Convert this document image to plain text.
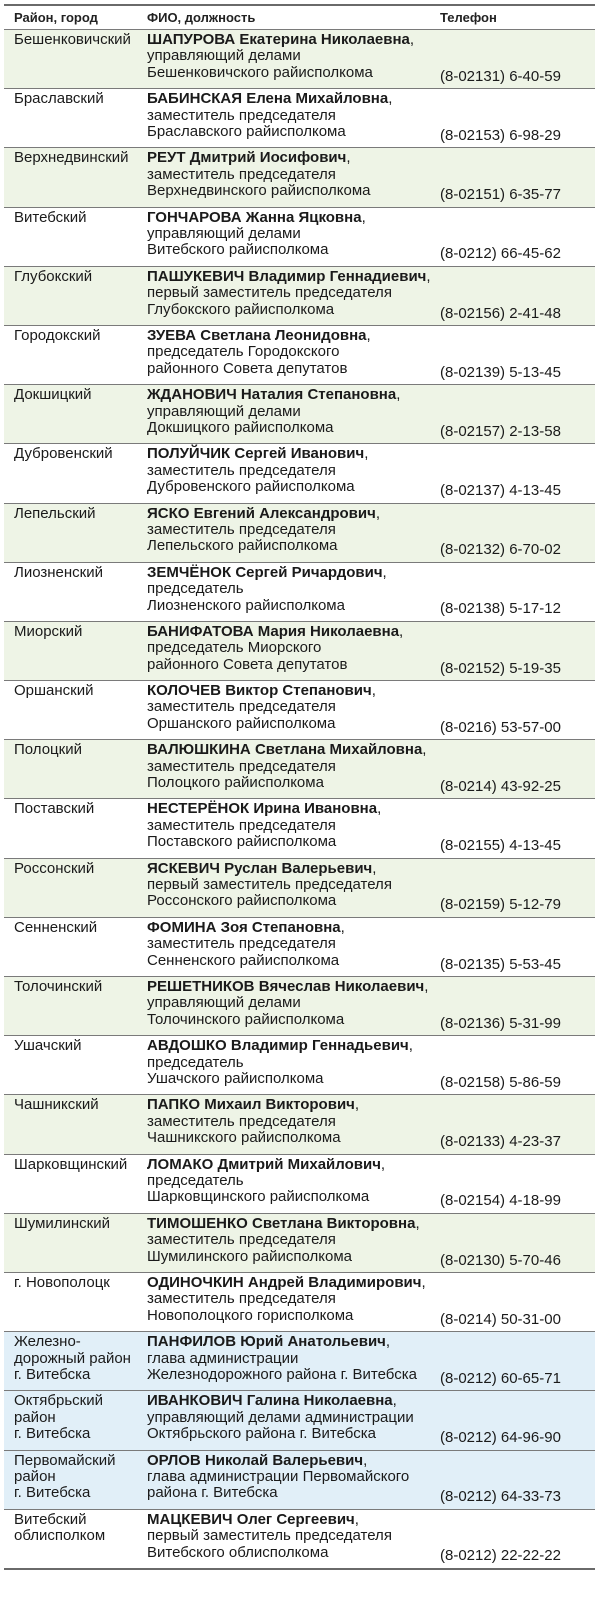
Район, город	ФИО, должность	Телефон
Бешенковичский	ШАПУРОВА Екатерина Николаевна,
управляющий делами
Бешенковичского райисполкома	(8-02131) 6-40-59
Браславский	БАБИНСКАЯ Елена Михайловна,
заместитель председателя
Браславского райисполкома	(8-02153) 6-98-29
Верхнедвинский	РЕУТ Дмитрий Иосифович,
заместитель председателя
Верхнедвинского райисполкома	(8-02151) 6-35-77
Витебский	ГОНЧАРОВА Жанна Яцковна,
управляющий делами
Витебского райисполкома	(8-0212) 66-45-62
Глубокский	ПАШУКЕВИЧ Владимир Геннадиевич,
первый заместитель председателя
Глубокского райисполкома	(8-02156) 2-41-48
Городокский	ЗУЕВА Светлана Леонидовна,
председатель Городокского
районного Совета депутатов	(8-02139) 5-13-45
Докшицкий	ЖДАНОВИЧ Наталия Степановна,
управляющий делами
Докшицкого райисполкома	(8-02157) 2-13-58
Дубровенский	ПОЛУЙЧИК Сергей Иванович,
заместитель председателя
Дубровенского райисполкома	(8-02137) 4-13-45
Лепельский	ЯСКО Евгений Александрович,
заместитель председателя
Лепельского райисполкома	(8-02132) 6-70-02
Лиозненский	ЗЕМЧЁНОК Сергей Ричардович,
председатель
Лиозненского райисполкома	(8-02138) 5-17-12
Миорский	БАНИФАТОВА Мария Николаевна,
председатель Миорского
районного Совета депутатов	(8-02152) 5-19-35
Оршанский	КОЛОЧЕВ Виктор Степанович,
заместитель председателя
Оршанского райисполкома	(8-0216) 53-57-00
Полоцкий	ВАЛЮШКИНА Светлана Михайловна,
заместитель председателя
Полоцкого райисполкома	(8-0214) 43-92-25
Поставский	НЕСТЕРЁНОК Ирина Ивановна,
заместитель председателя
Поставского райисполкома	(8-02155) 4-13-45
Россонский	ЯСКЕВИЧ Руслан Валерьевич,
первый заместитель председателя
Россонского райисполкома	(8-02159) 5-12-79
Сенненский	ФОМИНА Зоя Степановна,
заместитель председателя
Сенненского райисполкома	(8-02135) 5-53-45
Толочинский	РЕШЕТНИКОВ Вячеслав Николаевич,
управляющий делами
Толочинского райисполкома	(8-02136) 5-31-99
Ушачский	АВДОШКО Владимир Геннадьевич,
председатель
Ушачского райисполкома	(8-02158) 5-86-59
Чашникский	ПАПКО Михаил Викторович,
заместитель председателя
Чашникского райисполкома	(8-02133) 4-23-37
Шарковщинский	ЛОМАКО Дмитрий Михайлович,
председатель
Шарковщинского райисполкома	(8-02154) 4-18-99
Шумилинский	ТИМОШЕНКО Светлана Викторовна,
заместитель председателя
Шумилинского райисполкома	(8-02130) 5-70-46
г. Новополоцк	ОДИНОЧКИН Андрей Владимирович,
заместитель председателя
Новополоцкого горисполкома	(8-0214) 50-31-00
Железно-
дорожный район
г. Витебска
ПАНФИЛОВ Юрий Анатольевич,
глава администрации
Железнодорожного района г. Витебска	(8-0212) 60-65-71
Октябрьский
район
г. Витебска
ИВАНКОВИЧ Галина Николаевна,
управляющий делами администрации
Октябрьского района г. Витебска	(8-0212) 64-96-90
Первомайский
район
г. Витебска
ОРЛОВ Николай Валерьевич,
глава администрации Первомайского
района г. Витебска	(8-0212) 64-33-73
Витебский
облисполком
МАЦКЕВИЧ Олег Сергеевич,
первый заместитель председателя
Витебского облисполкома	(8-0212) 22-22-22
